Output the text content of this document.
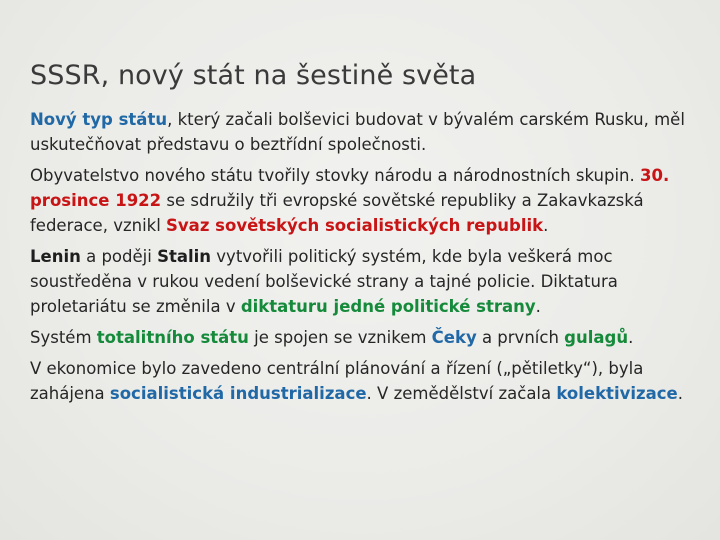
SSSR, nový stát na šestině světa

Nový typ státu, který začali bolševici budovat v bývalém carském Rusku, měl uskutečňovat představu o beztřídní společnosti.

Obyvatelstvo nového státu tvořily stovky národu a národnostních skupin. 30. prosince 1922 se sdružily tři evropské sovětské republiky a Zakavkazská federace, vznikl Svaz sovětských socialistických republik.

Lenin a poději Stalin vytvořili politický systém, kde byla veškerá moc soustředěna v rukou vedení bolševické strany a tajné policie. Diktatura proletariátu se změnila v diktaturu jedné politické strany.

Systém totalitního státu je spojen se vznikem Čeky a prvních gulagů.

V ekonomice bylo zavedeno centrální plánování a řízení („pětiletky“), byla zahájena socialistická industrializace. V zemědělství začala kolektivizace.
